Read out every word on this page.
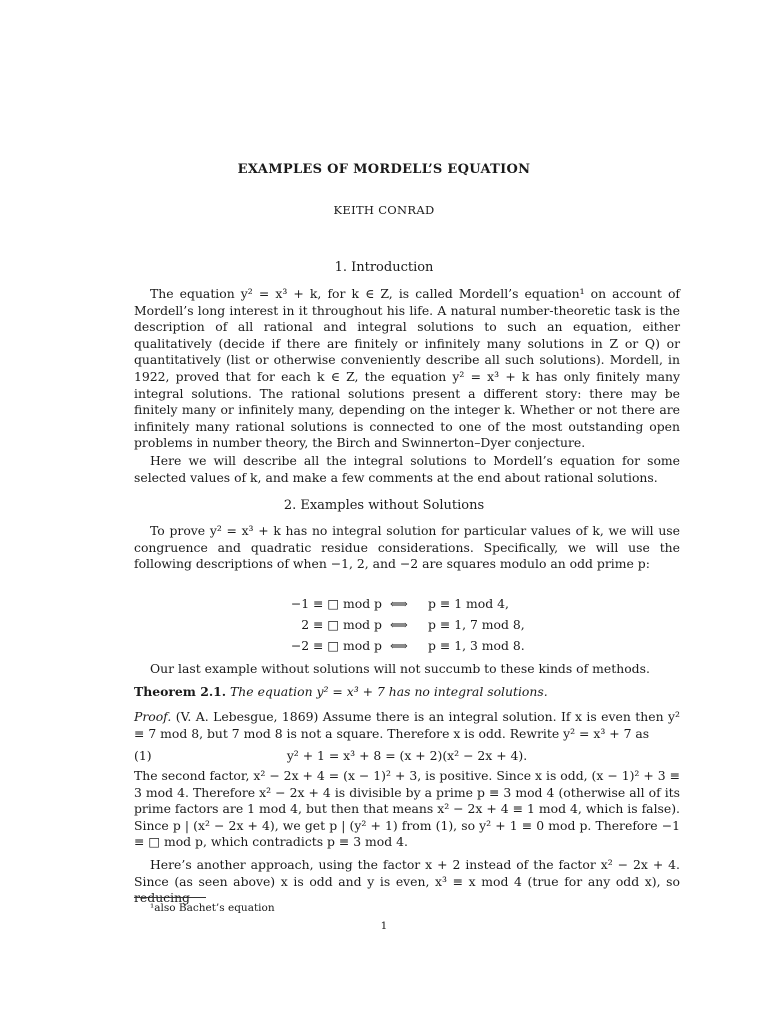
EXAMPLES OF MORDELL’S EQUATION
KEITH CONRAD
1. Introduction

The equation y² = x³ + k, for k ∈ Z, is called Mordell’s equation¹ on account of Mordell’s long interest in it throughout his life. A natural number-theoretic task is the description of all rational and integral solutions to such an equation, either qualitatively (decide if there are finitely or infinitely many solutions in Z or Q) or quantitatively (list or otherwise conveniently describe all such solutions). Mordell, in 1922, proved that for each k ∈ Z, the equation y² = x³ + k has only finitely many integral solutions. The rational solutions present a different story: there may be finitely many or infinitely many, depending on the integer k. Whether or not there are infinitely many rational solutions is connected to one of the most outstanding open problems in number theory, the Birch and Swinnerton–Dyer conjecture.

Here we will describe all the integral solutions to Mordell’s equation for some selected values of k, and make a few comments at the end about rational solutions.

2. Examples without Solutions

To prove y² = x³ + k has no integral solution for particular values of k, we will use congruence and quadratic residue considerations. Specifically, we will use the following descriptions of when −1, 2, and −2 are squares modulo an odd prime p:

−1 ≡ □ mod p ⟺ p ≡ 1 mod 4,
2 ≡ □ mod p ⟺ p ≡ 1, 7 mod 8,
−2 ≡ □ mod p ⟺ p ≡ 1, 3 mod 8.

Our last example without solutions will not succumb to these kinds of methods.

Theorem 2.1. The equation y² = x³ + 7 has no integral solutions.

Proof. (V. A. Lebesgue, 1869) Assume there is an integral solution. If x is even then y² ≡ 7 mod 8, but 7 mod 8 is not a square. Therefore x is odd. Rewrite y² = x³ + 7 as

(1)	y² + 1 = x³ + 8 = (x + 2)(x² − 2x + 4).

The second factor, x² − 2x + 4 = (x − 1)² + 3, is positive. Since x is odd, (x − 1)² + 3 ≡ 3 mod 4. Therefore x² − 2x + 4 is divisible by a prime p ≡ 3 mod 4 (otherwise all of its prime factors are 1 mod 4, but then that means x² − 2x + 4 ≡ 1 mod 4, which is false). Since p | (x² − 2x + 4), we get p | (y² + 1) from (1), so y² + 1 ≡ 0 mod p. Therefore −1 ≡ □ mod p, which contradicts p ≡ 3 mod 4.

Here’s another approach, using the factor x + 2 instead of the factor x² − 2x + 4. Since (as seen above) x is odd and y is even, x³ ≡ x mod 4 (true for any odd x), so reducing

¹also Bachet’s equation
1
